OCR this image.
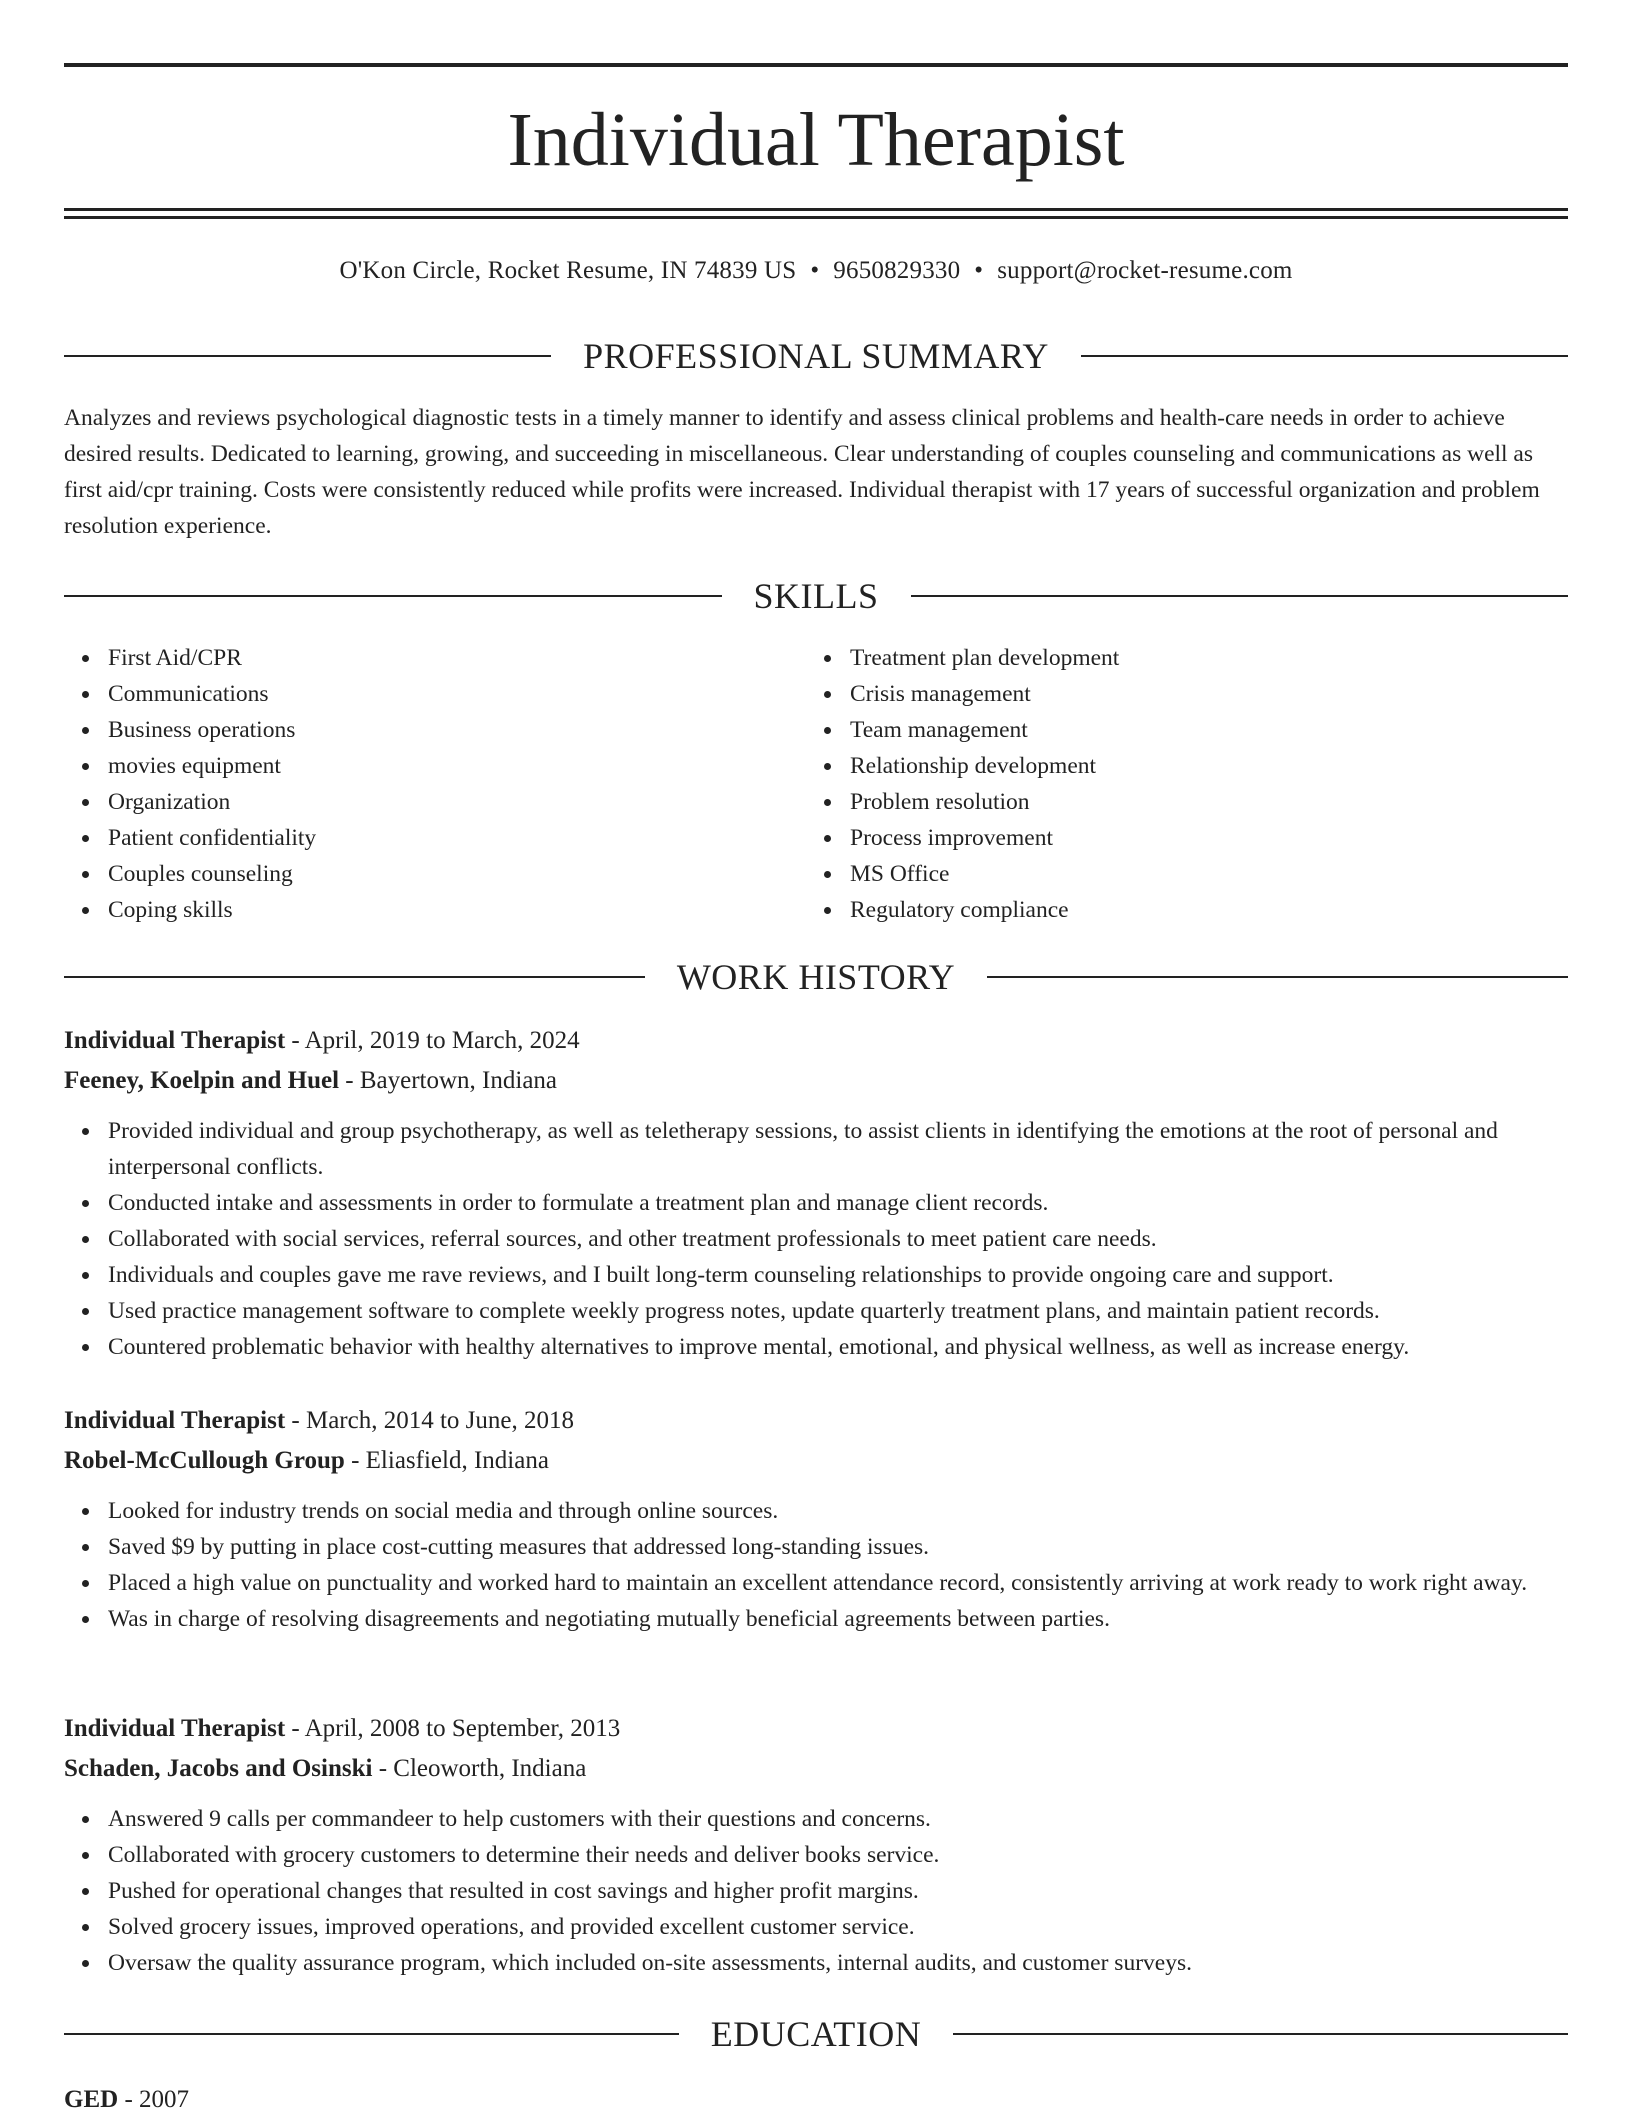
Individual Therapist
O'Kon Circle, Rocket Resume, IN 74839 US • 9650829330 • support@rocket-resume.com
PROFESSIONAL SUMMARY

Analyzes and reviews psychological diagnostic tests in a timely manner to identify and assess clinical problems and health-care needs in order to achieve desired results. Dedicated to learning, growing, and succeeding in miscellaneous. Clear understanding of couples counseling and communications as well as first aid/cpr training. Costs were consistently reduced while profits were increased. Individual therapist with 17 years of successful organization and problem resolution experience.

SKILLS
First Aid/CPR
Communications
Business operations
movies equipment
Organization
Patient confidentiality
Couples counseling
Coping skills
Treatment plan development
Crisis management
Team management
Relationship development
Problem resolution
Process improvement
MS Office
Regulatory compliance
WORK HISTORY
Individual Therapist - April, 2019 to March, 2024
Feeney, Koelpin and Huel - Bayertown, Indiana
Provided individual and group psychotherapy, as well as teletherapy sessions, to assist clients in identifying the emotions at the root of personal and interpersonal conflicts.
Conducted intake and assessments in order to formulate a treatment plan and manage client records.
Collaborated with social services, referral sources, and other treatment professionals to meet patient care needs.
Individuals and couples gave me rave reviews, and I built long-term counseling relationships to provide ongoing care and support.
Used practice management software to complete weekly progress notes, update quarterly treatment plans, and maintain patient records.
Countered problematic behavior with healthy alternatives to improve mental, emotional, and physical wellness, as well as increase energy.
Individual Therapist - March, 2014 to June, 2018
Robel-McCullough Group - Eliasfield, Indiana
Looked for industry trends on social media and through online sources.
Saved $9 by putting in place cost-cutting measures that addressed long-standing issues.
Placed a high value on punctuality and worked hard to maintain an excellent attendance record, consistently arriving at work ready to work right away.
Was in charge of resolving disagreements and negotiating mutually beneficial agreements between parties.
Individual Therapist - April, 2008 to September, 2013
Schaden, Jacobs and Osinski - Cleoworth, Indiana
Answered 9 calls per commandeer to help customers with their questions and concerns.
Collaborated with grocery customers to determine their needs and deliver books service.
Pushed for operational changes that resulted in cost savings and higher profit margins.
Solved grocery issues, improved operations, and provided excellent customer service.
Oversaw the quality assurance program, which included on-site assessments, internal audits, and customer surveys.
EDUCATION
GED - 2007
